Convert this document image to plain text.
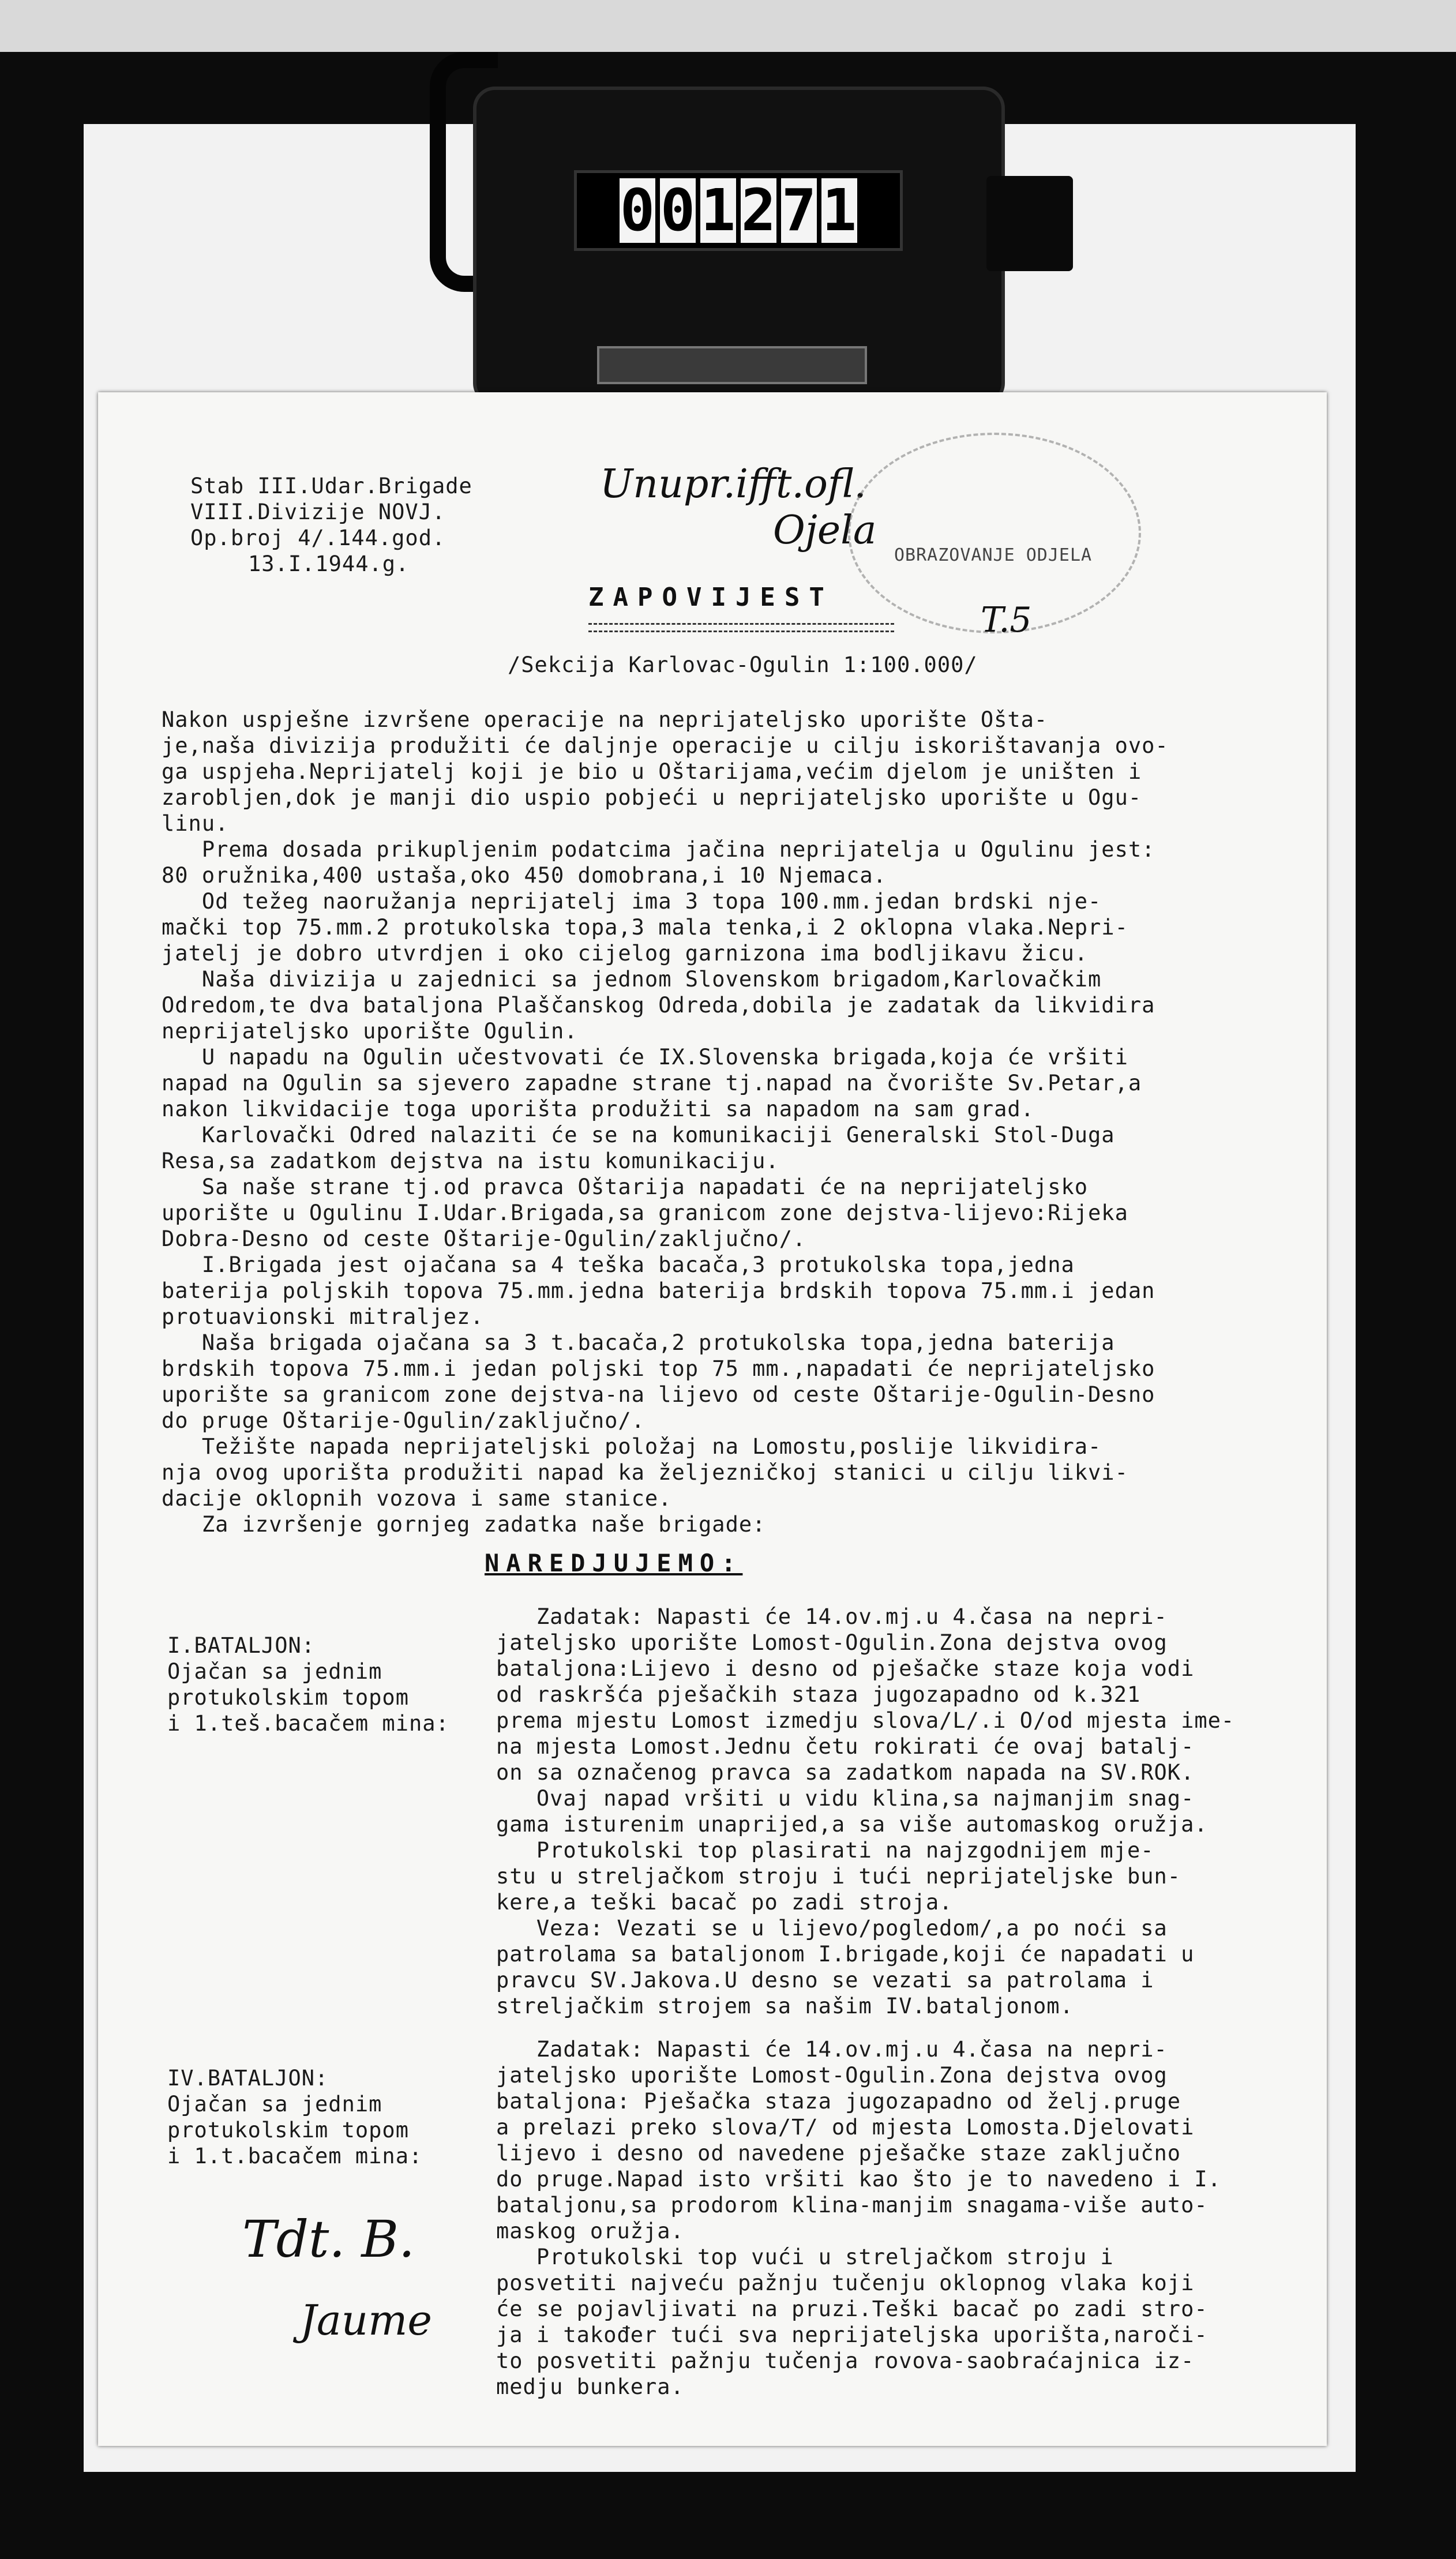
0 0 1 2 7 1
Stab III.Udar.Brigade
VIII.Divizije NOVJ.
Op.broj 4/.144.god.
13.I.1944.g.
Unupr.ifft.ofl.
Ojela
OBRAZOVANJE ODJELA
T.5
ZAPOVIJEST
/Sekcija Karlovac-Ogulin 1:100.000/
Nakon uspješne izvršene operacije na neprijateljsko uporište Ošta-
je,naša divizija produžiti će daljnje operacije u cilju iskorištavanja ovo-
ga uspjeha.Neprijatelj koji je bio u Oštarijama,većim djelom je uništen i
zarobljen,dok je manji dio uspio pobjeći u neprijateljsko uporište u Ogu-
linu.
Prema dosada prikupljenim podatcima jačina neprijatelja u Ogulinu jest:
80 oružnika,400 ustaša,oko 450 domobrana,i 10 Njemaca.
Od težeg naoružanja neprijatelj ima 3 topa 100.mm.jedan brdski nje-
mački top 75.mm.2 protukolska topa,3 mala tenka,i 2 oklopna vlaka.Nepri-
jatelj je dobro utvrdjen i oko cijelog garnizona ima bodljikavu žicu.
Naša divizija u zajednici sa jednom Slovenskom brigadom,Karlovačkim
Odredom,te dva bataljona Plaščanskog Odreda,dobila je zadatak da likvidira
neprijateljsko uporište Ogulin.
U napadu na Ogulin učestvovati će IX.Slovenska brigada,koja će vršiti
napad na Ogulin sa sjevero zapadne strane tj.napad na čvorište Sv.Petar,a
nakon likvidacije toga uporišta produžiti sa napadom na sam grad.
Karlovački Odred nalaziti će se na komunikaciji Generalski Stol-Duga
Resa,sa zadatkom dejstva na istu komunikaciju.
Sa naše strane tj.od pravca Oštarija napadati će na neprijateljsko
uporište u Ogulinu I.Udar.Brigada,sa granicom zone dejstva-lijevo:Rijeka
Dobra-Desno od ceste Oštarije-Ogulin/zaključno/.
I.Brigada jest ojačana sa 4 teška bacača,3 protukolska topa,jedna
baterija poljskih topova 75.mm.jedna baterija brdskih topova 75.mm.i jedan
protuavionski mitraljez.
Naša brigada ojačana sa 3 t.bacača,2 protukolska topa,jedna baterija
brdskih topova 75.mm.i jedan poljski top 75 mm.,napadati će neprijateljsko
uporište sa granicom zone dejstva-na lijevo od ceste Oštarije-Ogulin-Desno
do pruge Oštarije-Ogulin/zaključno/.
Težište napada neprijateljski položaj na Lomostu,poslije likvidira-
nja ovog uporišta produžiti napad ka željezničkoj stanici u cilju likvi-
dacije oklopnih vozova i same stanice.
Za izvršenje gornjeg zadatka naše brigade:
NAREDJUJEMO:
I.BATALJON:
Ojačan sa jednim
protukolskim topom
i 1.teš.bacačem mina:
Zadatak: Napasti će 14.ov.mj.u 4.časa na nepri-
jateljsko uporište Lomost-Ogulin.Zona dejstva ovog
bataljona:Lijevo i desno od pješačke staze koja vodi
od raskršća pješačkih staza jugozapadno od k.321
prema mjestu Lomost izmedju slova/L/.i O/od mjesta ime-
na mjesta Lomost.Jednu četu rokirati će ovaj batalj-
on sa označenog pravca sa zadatkom napada na SV.ROK.
Ovaj napad vršiti u vidu klina,sa najmanjim snag-
gama isturenim unaprijed,a sa više automaskog oružja.
Protukolski top plasirati na najzgodnijem mje-
stu u streljačkom stroju i tući neprijateljske bun-
kere,a teški bacač po zadi stroja.
Veza: Vezati se u lijevo/pogledom/,a po noći sa
patrolama sa bataljonom I.brigade,koji će napadati u
pravcu SV.Jakova.U desno se vezati sa patrolama i
streljačkim strojem sa našim IV.bataljonom.
IV.BATALJON:
Ojačan sa jednim
protukolskim topom
i 1.t.bacačem mina:
Zadatak: Napasti će 14.ov.mj.u 4.časa na nepri-
jateljsko uporište Lomost-Ogulin.Zona dejstva ovog
bataljona: Pješačka staza jugozapadno od želj.pruge
a prelazi preko slova/T/ od mjesta Lomosta.Djelovati
lijevo i desno od navedene pješačke staze zaključno
do pruge.Napad isto vršiti kao što je to navedeno i I.
bataljonu,sa prodorom klina-manjim snagama-više auto-
maskog oružja.
Protukolski top vući u streljačkom stroju i
posvetiti najveću pažnju tučenju oklopnog vlaka koji
će se pojavljivati na pruzi.Teški bacač po zadi stro-
ja i također tući sva neprijateljska uporišta,naroči-
to posvetiti pažnju tučenja rovova-saobraćajnica iz-
medju bunkera.
Tdt. B.
Jaume
